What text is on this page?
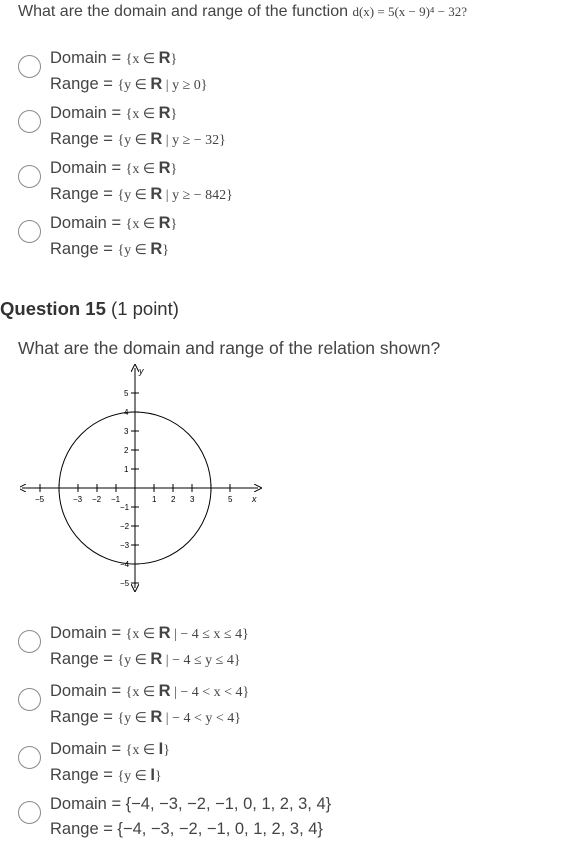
What are the domain and range of the function d(x) = 5(x − 9)⁴ − 32?
Domain = {x ∈ R}
Range = {y ∈ R | y ≥ 0}
Domain = {x ∈ R}
Range = {y ∈ R | y ≥ − 32}
Domain = {x ∈ R}
Range = {y ∈ R | y ≥ − 842}
Domain = {x ∈ R}
Range = {y ∈ R}
Question 15 (1 point)
What are the domain and range of the relation shown?
x
y
−5	−3 −2 −1	1 2 3	5
5
4
3
2
1
−1
−2
−3
−4
−5
Domain = {x ∈ R | − 4 ≤ x ≤ 4}
Range = {y ∈ R | − 4 ≤ y ≤ 4}
Domain = {x ∈ R | − 4 < x < 4}
Range = {y ∈ R | − 4 < y < 4}
Domain = {x ∈ I}
Range = {y ∈ I}
Domain = {−4, −3, −2, −1, 0, 1, 2, 3, 4}
Range = {−4, −3, −2, −1, 0, 1, 2, 3, 4}
